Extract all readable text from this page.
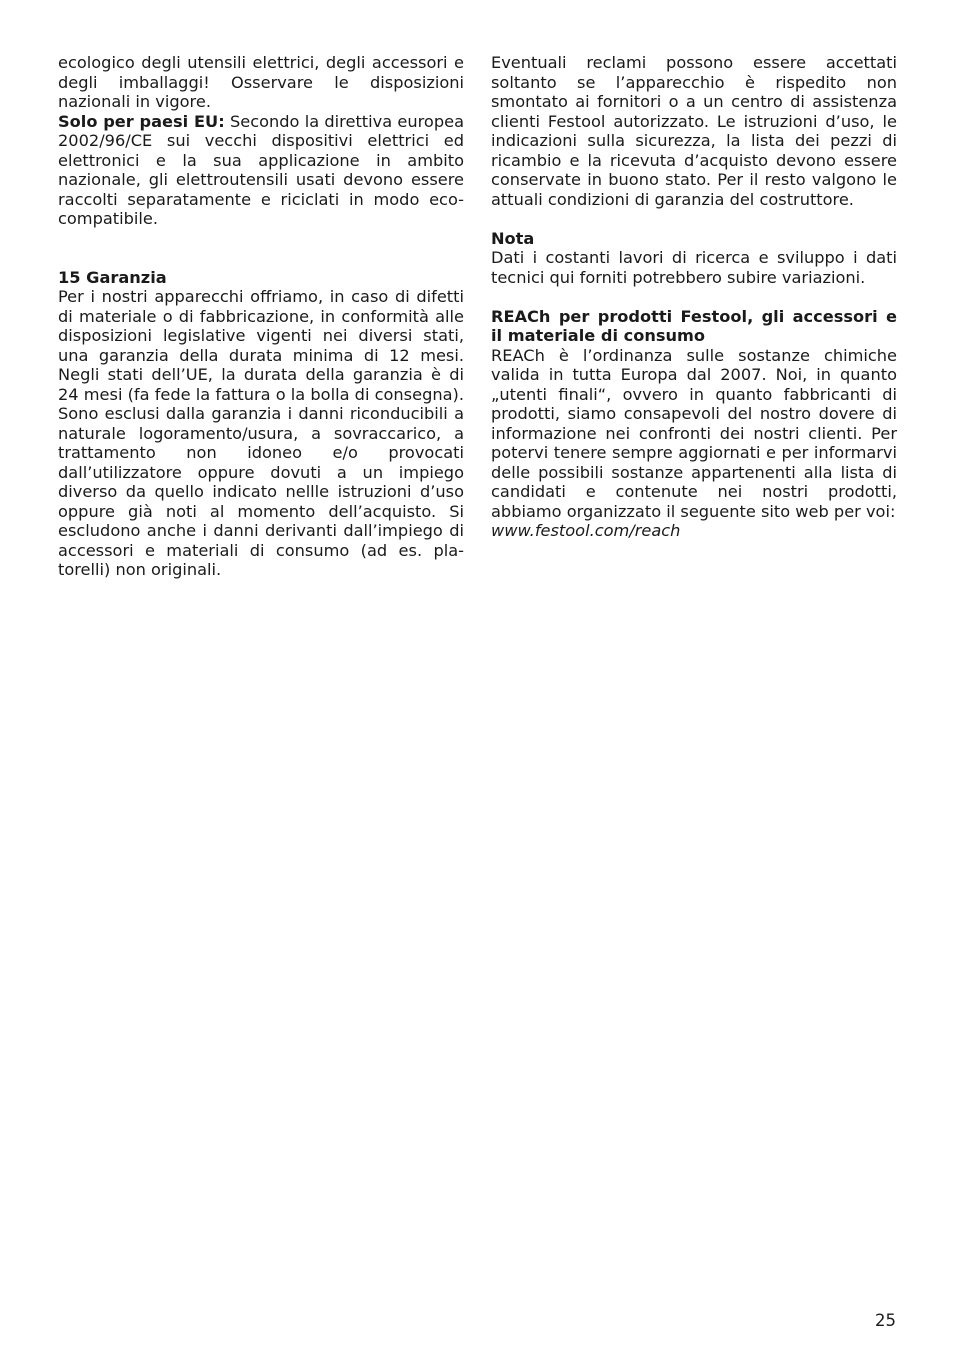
ecologico degli utensili elettrici, degli accessori e degli imballaggi! Osservare le disposizioni nazionali in vigore.

Solo per paesi EU: Secondo la direttiva europea 2002/96/CE sui vecchi dispositivi elettrici ed elettronici e la sua applicazione in ambito nazionale, gli elettroutensili usati devono essere raccolti separatamente e riciclati in modo eco-compatibile.

15 Garanzia

Per i nostri apparecchi offriamo, in caso di difetti di materiale o di fabbricazione, in conformità alle disposizioni legislative vigenti nei diversi stati, una garanzia della durata minima di 12 mesi. Negli stati dell’UE, la durata della garanzia è di 24 mesi (fa fede la fattura o la bolla di consegna). Sono esclusi dalla garanzia i danni riconducibili a naturale logoramento/usura, a sovraccarico, a trattamento non idoneo e/o provocati dall’utilizzatore oppure dovuti a un impiego diverso da quello indicato nellle istruzioni d’uso oppure già noti al momento dell’acquisto. Si escludono anche i danni derivanti dall’impiego di accessori e materiali di consumo (ad es. platorelli) non originali.

Eventuali reclami possono essere accettati soltanto se l’apparecchio è rispedito non smontato ai fornitori o a un centro di assistenza clienti Festool autorizzato. Le istruzioni d’uso, le indicazioni sulla sicurezza, la lista dei pezzi di ricambio e la ricevuta d’acquisto devono essere conservate in buono stato. Per il resto valgono le attuali condizioni di garanzia del costruttore.

Nota

Dati i costanti lavori di ricerca e sviluppo i dati tecnici qui forniti potrebbero subire variazioni.

REACh per prodotti Festool, gli accessori e il materiale di consumo

REACh è l’ordinanza sulle sostanze chimiche valida in tutta Europa dal 2007. Noi, in quanto „utenti finali“, ovvero in quanto fabbricanti di prodotti, siamo consapevoli del nostro dovere di informazione nei confronti dei nostri clienti. Per potervi tenere sempre aggiornati e per informarvi delle possibili sostanze appartenenti alla lista di candidati e contenute nei nostri prodotti, abbiamo organizzato il seguente sito web per voi:

www.festool.com/reach

25
